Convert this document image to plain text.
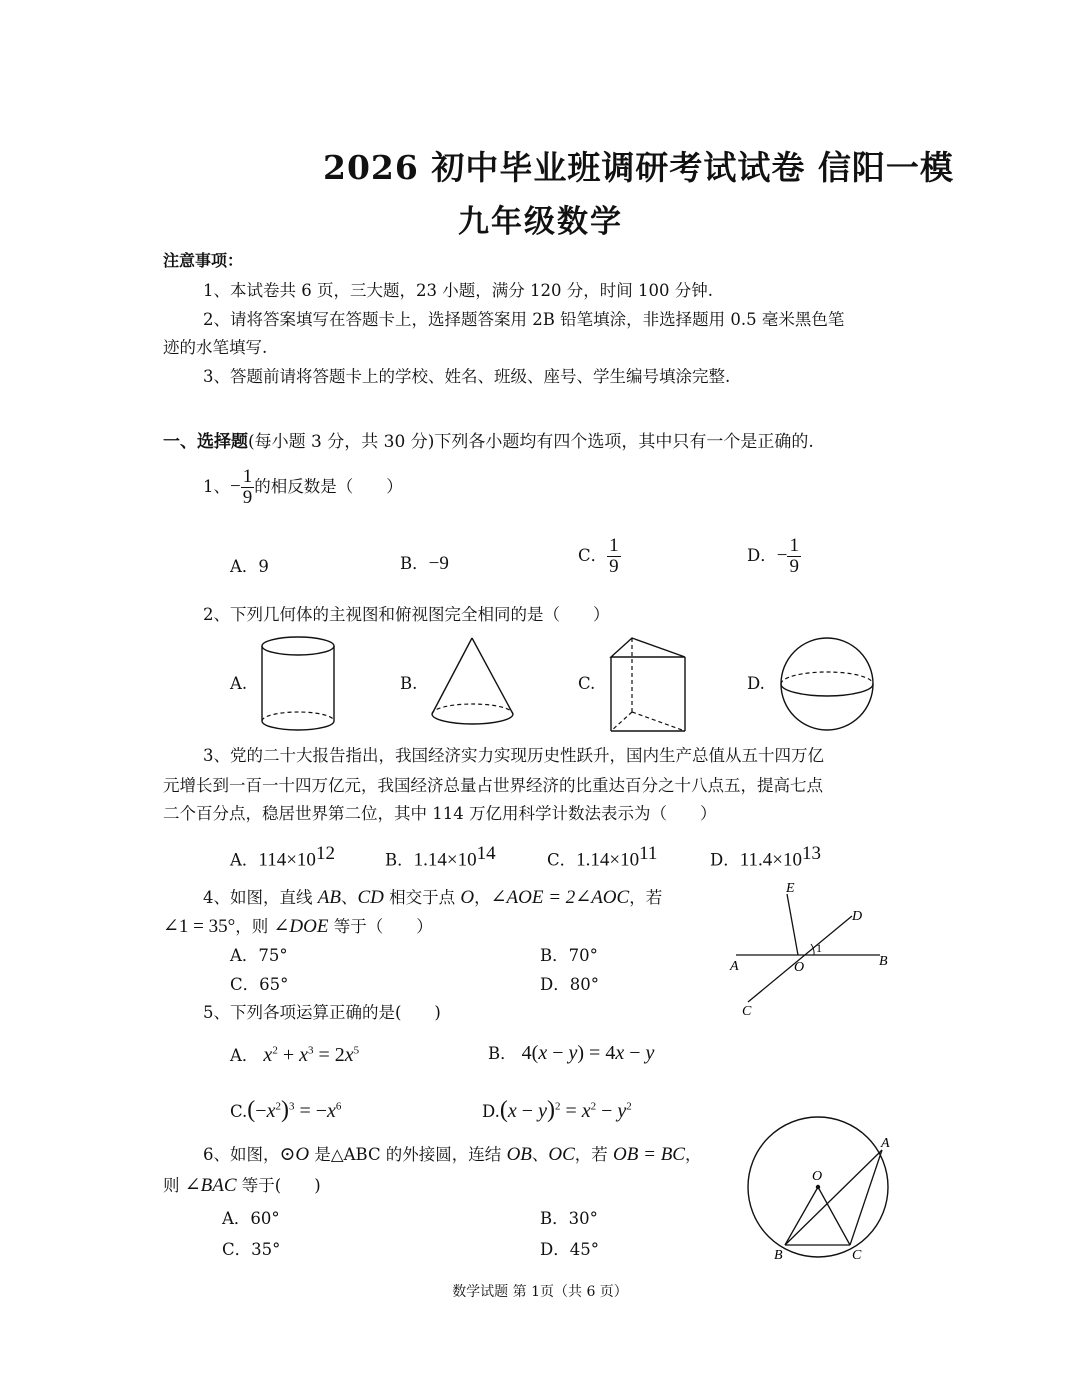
2026 初中毕业班调研考试试卷 信阳一模
九年级数学
注意事项：
1、本试卷共 6 页，三大题，23 小题，满分 120 分，时间 100 分钟.
2、请将答案填写在答题卡上，选择题答案用 2B 铅笔填涂，非选择题用 0.5 毫米黑色笔
迹的水笔填写.
3、答题前请将答题卡上的学校、姓名、班级、座号、学生编号填涂完整.
一、选择题(每小题 3 分，共 30 分)下列各小题均有四个选项，其中只有一个是正确的.
1、− $\frac{1}{9}$ 的相反数是（　　）
A．9	B．−9	C． $\frac{1}{9}$	D．− $\frac{1}{9}$
2、下列几何体的主视图和俯视图完全相同的是（　　）
A.	B.	C.	D.
3、党的二十大报告指出，我国经济实力实现历史性跃升，国内生产总值从五十四万亿
元增长到一百一十四万亿元，我国经济总量占世界经济的比重达百分之十八点五，提高七点
二个百分点，稳居世界第二位，其中 114 万亿用科学计数法表示为（　　）
A．$114\times 10^{12}$	B．$1.14\times 10^{14}$	C．$1.14\times 10^{11}$	D．$11.4\times 10^{13}$
4、如图，直线 AB、CD 相交于点 O，∠AOE = 2∠AOC，若
∠1 = 35°，则 ∠DOE 等于（　　）
A．75°	B．70°
C．65°	D．80°
E
D
1
A	O	B
C
5、下列各项运算正确的是(　　)
A． $x^2 + x^3 = 2x^5$	B． 4(x − y) = 4x − y
$C.(-x^2)^3 = -x^6$	$D.(x - y)^2 = x^2 - y^2$
6、如图，⊙O 是△ABC 的外接圆，连结 OB、OC，若 OB = BC，
则 ∠BAC 等于(　　)
A．60°	B．30°
C．35°	D．45°
A
O
B	C
数学试题 第 1页（共 6 页）
